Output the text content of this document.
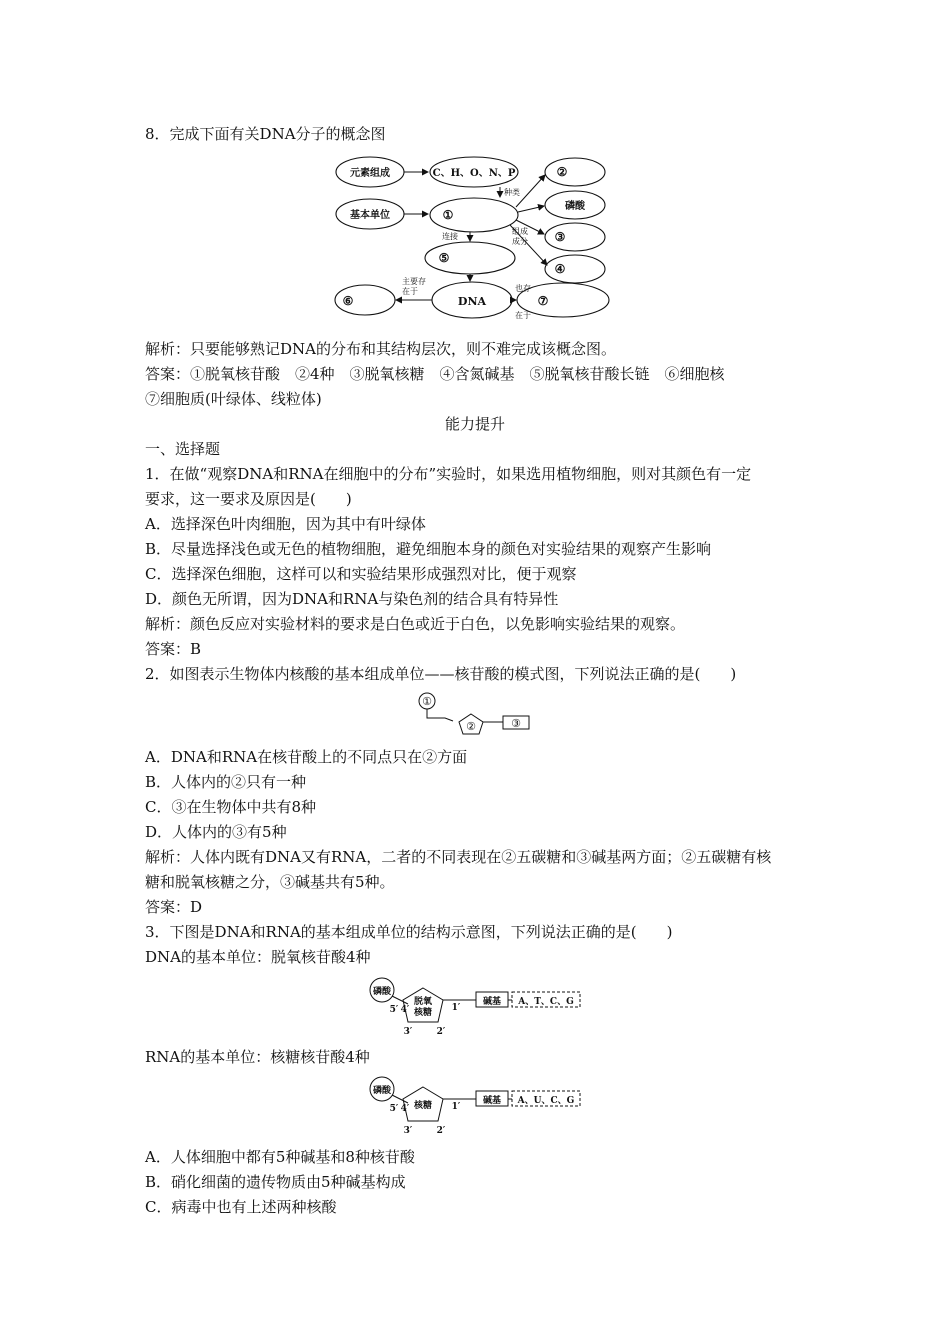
8．完成下面有关DNA分子的概念图
元素组成	C、H、O、N、P
基本单位	①
②
磷酸
③
④
⑤
DNA
⑥	⑦
种类
连接
组成
成分
主要存
在于	也存
在于
解析：只要能够熟记DNA的分布和其结构层次，则不难完成该概念图。
答案：①脱氧核苷酸　②4种　③脱氧核糖　④含氮碱基　⑤脱氧核苷酸长链　⑥细胞核
⑦细胞质(叶绿体、线粒体)
能力提升
一、选择题
1．在做“观察DNA和RNA在细胞中的分布”实验时，如果选用植物细胞，则对其颜色有一定
要求，这一要求及原因是(　　)
A．选择深色叶肉细胞，因为其中有叶绿体
B．尽量选择浅色或无色的植物细胞，避免细胞本身的颜色对实验结果的观察产生影响
C．选择深色细胞，这样可以和实验结果形成强烈对比，便于观察
D．颜色无所谓，因为DNA和RNA与染色剂的结合具有特异性
解析：颜色反应对实验材料的要求是白色或近于白色，以免影响实验结果的观察。
答案：B
2．如图表示生物体内核酸的基本组成单位——核苷酸的模式图，下列说法正确的是(　　)
①
②	③
A．DNA和RNA在核苷酸上的不同点只在②方面
B．人体内的②只有一种
C．③在生物体中共有8种
D．人体内的③有5种
解析：人体内既有DNA又有RNA，二者的不同表现在②五碳糖和③碱基两方面；②五碳糖有核
糖和脱氧核糖之分，③碱基共有5种。
答案：D
3．下图是DNA和RNA的基本组成单位的结构示意图，下列说法正确的是(　　)
DNA的基本单位：脱氧核苷酸4种
磷酸
脱氧
核糖
碱基 A、T、C、G
5′ 4′	1′
3′	2′
RNA的基本单位：核糖核苷酸4种
磷酸
核糖	碱基 A、U、C、G
5′ 4′	1′
3′	2′
A．人体细胞中都有5种碱基和8种核苷酸
B．硝化细菌的遗传物质由5种碱基构成
C．病毒中也有上述两种核酸
